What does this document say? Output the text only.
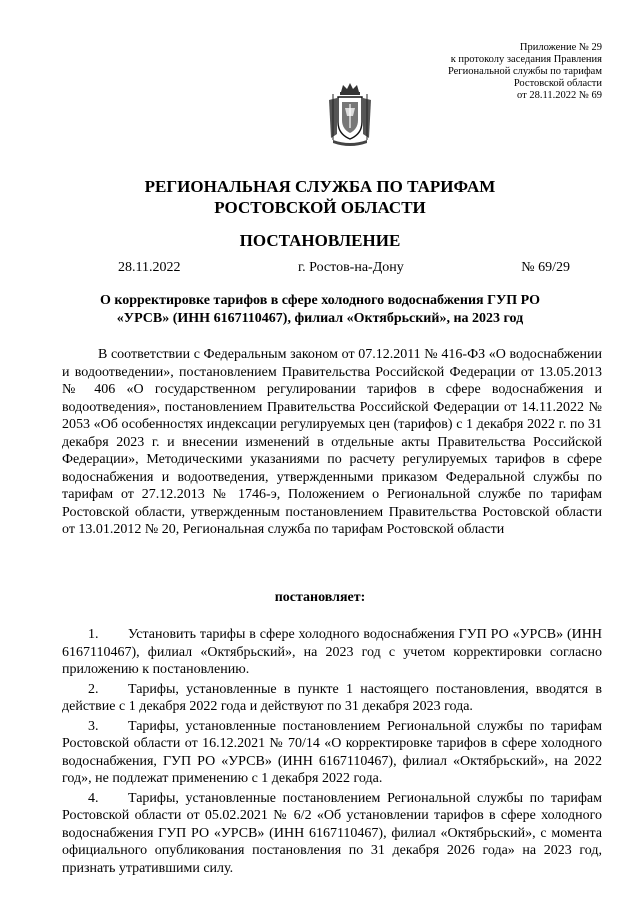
Приложение № 29
к протоколу заседания Правления
Региональной службы по тарифам
Ростовской области
от 28.11.2022 № 69
РЕГИОНАЛЬНАЯ СЛУЖБА ПО ТАРИФАМ
РОСТОВСКОЙ ОБЛАСТИ
ПОСТАНОВЛЕНИЕ
28.11.2022	г. Ростов-на-Дону	№ 69/29
О корректировке тарифов в сфере холодного водоснабжения ГУП РО
«УРСВ» (ИНН 6167110467), филиал «Октябрьский», на 2023 год

В соответствии с Федеральным законом от 07.12.2011 № 416-ФЗ «О водоснабжении и водоотведении», постановлением Правительства Российской Федерации от 13.05.2013 № 406 «О государственном регулировании тарифов в сфере водоснабжения и водоотведения», постановлением Правительства Российской Федерации от 14.11.2022 № 2053 «Об особенностях индексации регулируемых цен (тарифов) с 1 декабря 2022 г. по 31 декабря 2023 г. и внесении изменений в отдельные акты Правительства Российской Федерации», Методическими указаниями по расчету регулируемых тарифов в сфере водоснабжения и водоотведения, утвержденными приказом Федеральной службы по тарифам от 27.12.2013 № 1746-э, Положением о Региональной службе по тарифам Ростовской области, утвержденным постановлением Правительства Ростовской области от 13.01.2012 № 20, Региональная служба по тарифам Ростовской области

постановляет:

1. Установить тарифы в сфере холодного водоснабжения ГУП РО «УРСВ» (ИНН 6167110467), филиал «Октябрьский», на 2023 год с учетом корректировки согласно приложению к постановлению.

2. Тарифы, установленные в пункте 1 настоящего постановления, вводятся в действие с 1 декабря 2022 года и действуют по 31 декабря 2023 года.

3. Тарифы, установленные постановлением Региональной службы по тарифам Ростовской области от 16.12.2021 № 70/14 «О корректировке тарифов в сфере холодного водоснабжения, ГУП РО «УРСВ» (ИНН 6167110467), филиал «Октябрьский», на 2022 год», не подлежат применению с 1 декабря 2022 года.

4. Тарифы, установленные постановлением Региональной службы по тарифам Ростовской области от 05.02.2021 № 6/2 «Об установлении тарифов в сфере холодного водоснабжения ГУП РО «УРСВ» (ИНН 6167110467), филиал «Октябрьский», с момента официального опубликования постановления по 31 декабря 2026 года» на 2023 год, признать утратившими силу.
